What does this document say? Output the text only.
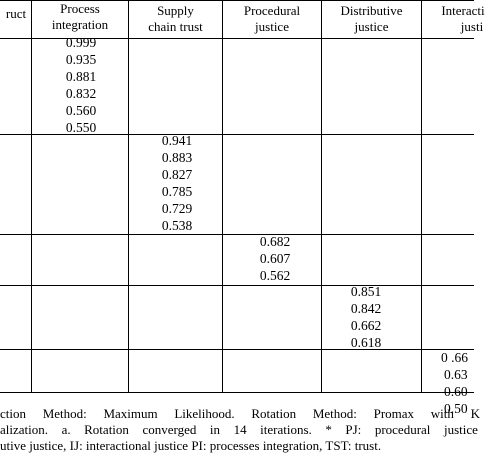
ruct	Process
integration
Supply
chain trust
Procedural
justice
Distributive
justice
Interacti
justi
0.999
0.935
0.881
0.832
0.560
0.550
0.941
0.883
0.827
0.785
0.729
0.538
0.682
0.607
0.562
0.851
0.842
0.662
0.618
0 .66
0.63
0.60
0.50
ction Method: Maximum Likelihood. Rotation Method: Promax with K
alization. a. Rotation converged in 14 iterations. * PJ: procedural justice
utive justice, IJ: interactional justice PI: processes integration, TST: trust.
